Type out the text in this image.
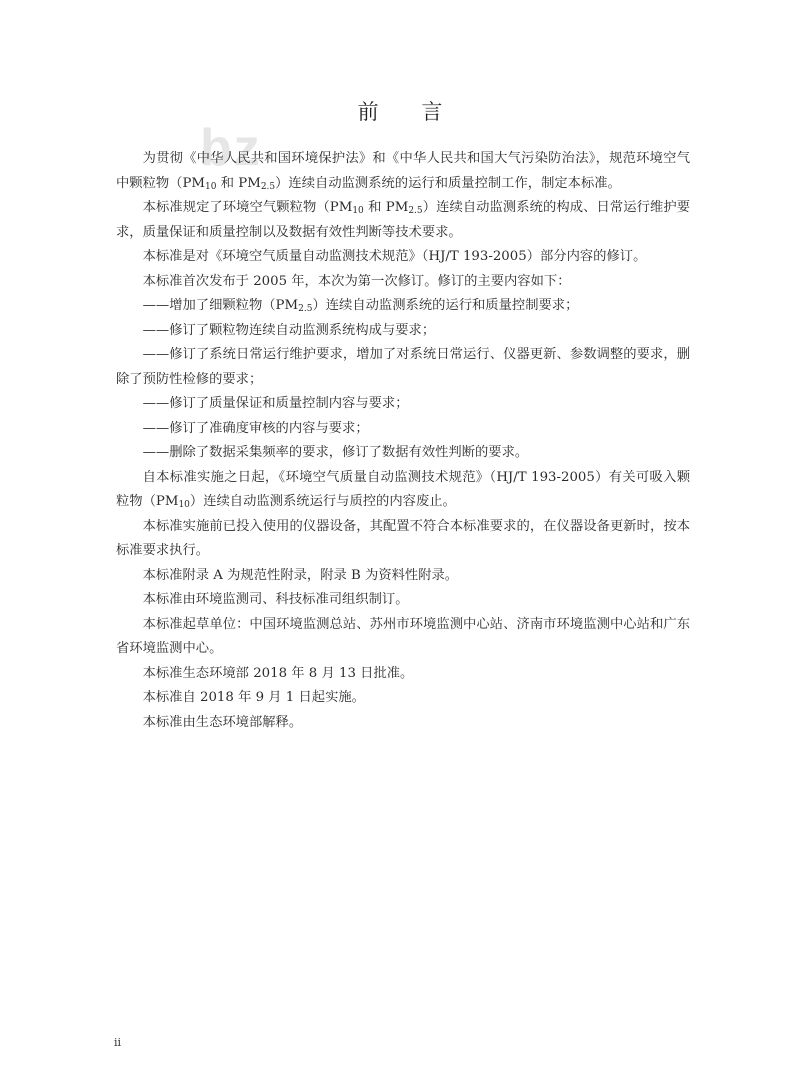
bz
前 言

为贯彻《中华人民共和国环境保护法》和《中华人民共和国大气污染防治法》，规范环境空气中颗粒物（$PM_{10}$ 和 $PM_{2.5}$）连续自动监测系统的运行和质量控制工作，制定本标准。

本标准规定了环境空气颗粒物（$PM_{10}$ 和 $PM_{2.5}$）连续自动监测系统的构成、日常运行维护要求，质量保证和质量控制以及数据有效性判断等技术要求。

本标准是对《环境空气质量自动监测技术规范》（HJ/T 193-2005）部分内容的修订。

本标准首次发布于 2005 年，本次为第一次修订。修订的主要内容如下：

——增加了细颗粒物$(PM_{2.5})$连续自动监测系统的运行和质量控制要求；

——修订了颗粒物连续自动监测系统构成与要求；

——修订了系统日常运行维护要求，增加了对系统日常运行、仪器更新、参数调整的要求，删除了预防性检修的要求；

——修订了质量保证和质量控制内容与要求；

——修订了准确度审核的内容与要求；

——删除了数据采集频率的要求，修订了数据有效性判断的要求。

自本标准实施之日起，《环境空气质量自动监测技术规范》（HJ/T 193-2005）有关可吸入颗粒物$(PM_{10})$连续自动监测系统运行与质控的内容废止。

本标准实施前已投入使用的仪器设备，其配置不符合本标准要求的，在仪器设备更新时，按本标准要求执行。

本标准附录 A 为规范性附录，附录 B 为资料性附录。

本标准由环境监测司、科技标准司组织制订。

本标准起草单位：中国环境监测总站、苏州市环境监测中心站、济南市环境监测中心站和广东省环境监测中心。

本标准生态环境部 2018 年 8 月 13 日批准。

本标准自 2018 年 9 月 1 日起实施。

本标准由生态环境部解释。

ii
